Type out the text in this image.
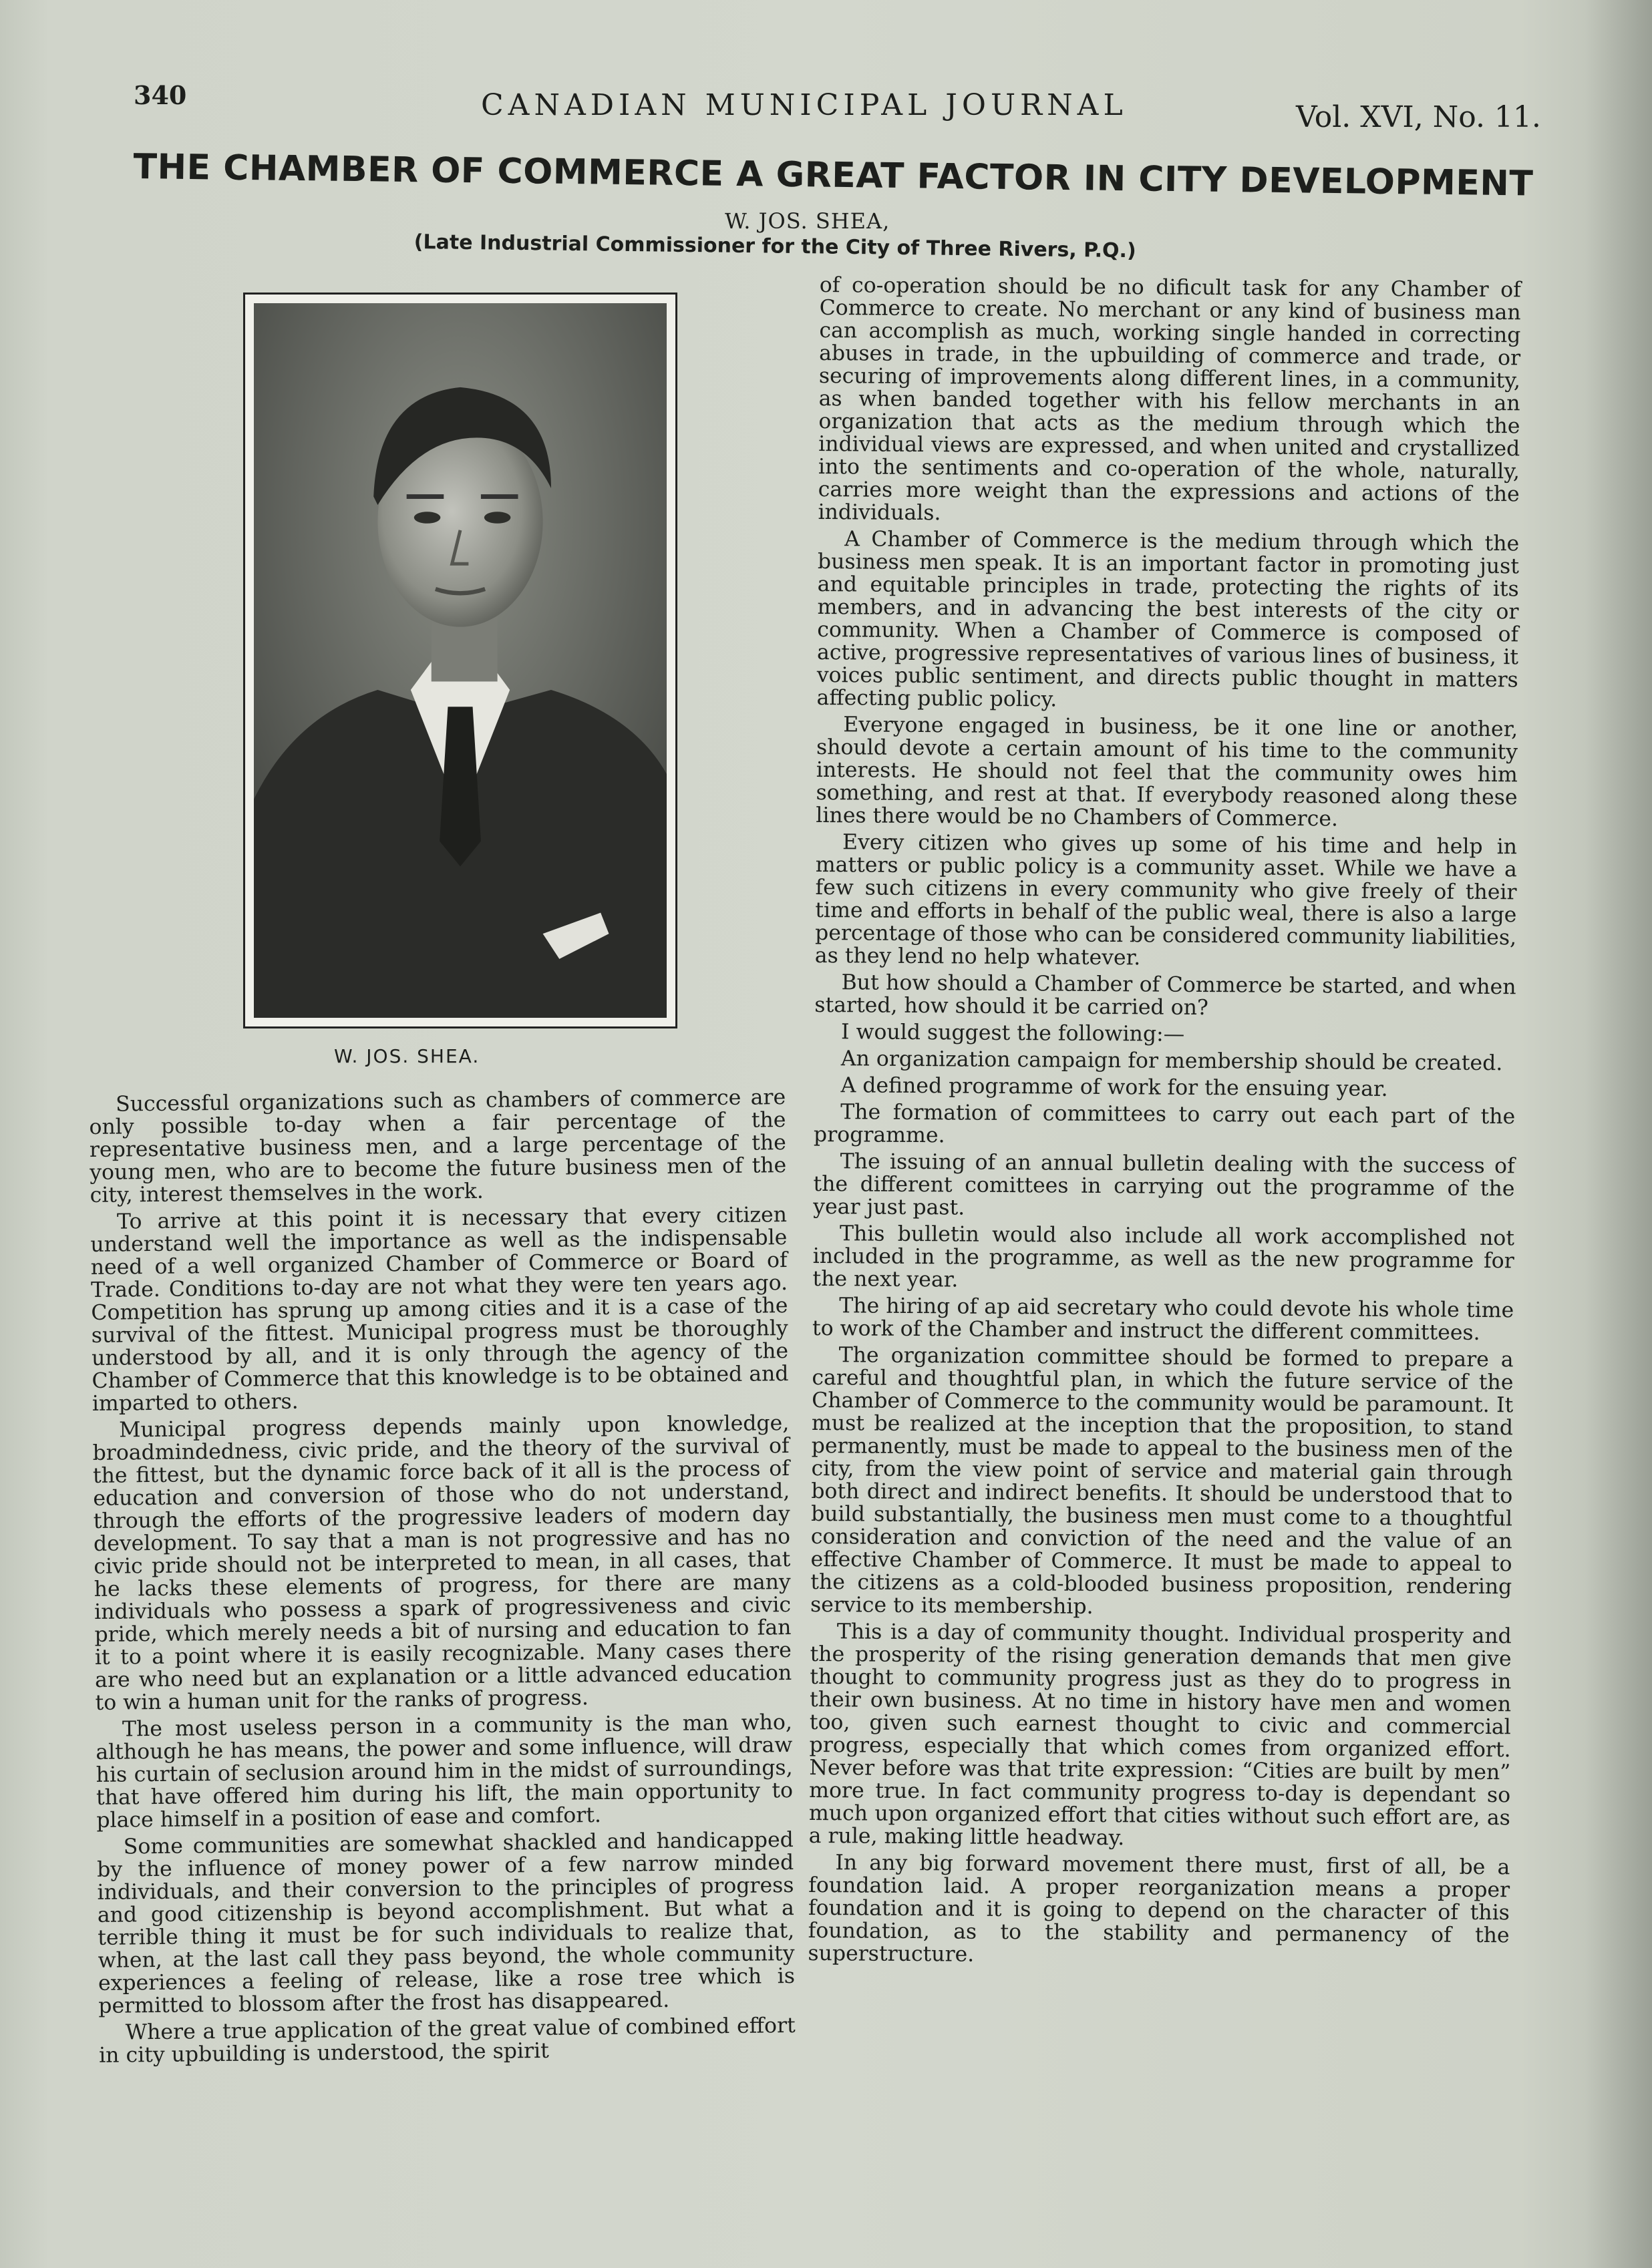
340	CANADIAN MUNICIPAL JOURNAL	Vol. XVI, No. 11.
THE CHAMBER OF COMMERCE A GREAT FACTOR IN CITY DEVELOPMENT
W. JOS. SHEA,
(Late Industrial Commissioner for the City of Three Rivers, P.Q.)
W. JOS. SHEA.

Successful organizations such as chambers of commerce are only possible to-day when a fair percentage of the representative business men, and a large percentage of the young men, who are to become the future business men of the city, interest themselves in the work.

To arrive at this point it is necessary that every citizen understand well the importance as well as the indispensable need of a well organized Chamber of Commerce or Board of Trade. Conditions to-day are not what they were ten years ago. Competition has sprung up among cities and it is a case of the survival of the fittest. Municipal progress must be thoroughly understood by all, and it is only through the agency of the Chamber of Commerce that this knowledge is to be obtained and imparted to others.

Municipal progress depends mainly upon knowledge, broadmindedness, civic pride, and the theory of the survival of the fittest, but the dynamic force back of it all is the process of education and conversion of those who do not understand, through the efforts of the progressive leaders of modern day development. To say that a man is not progressive and has no civic pride should not be interpreted to mean, in all cases, that he lacks these elements of progress, for there are many individuals who possess a spark of progressiveness and civic pride, which merely needs a bit of nursing and education to fan it to a point where it is easily recognizable. Many cases there are who need but an explanation or a little advanced education to win a human unit for the ranks of progress.

The most useless person in a community is the man who, although he has means, the power and some influence, will draw his curtain of seclusion around him in the midst of surroundings, that have offered him during his lift, the main opportunity to place himself in a position of ease and comfort.

Some communities are somewhat shackled and handicapped by the influence of money power of a few narrow minded individuals, and their conversion to the principles of progress and good citizenship is beyond accomplishment. But what a terrible thing it must be for such individuals to realize that, when, at the last call they pass beyond, the whole community experiences a feeling of release, like a rose tree which is permitted to blossom after the frost has disappeared.

Where a true application of the great value of combined effort in city upbuilding is understood, the spirit

of co-operation should be no dificult task for any Chamber of Commerce to create. No merchant or any kind of business man can accomplish as much, working single handed in correcting abuses in trade, in the upbuilding of commerce and trade, or securing of improvements along different lines, in a community, as when banded together with his fellow merchants in an organization that acts as the medium through which the individual views are expressed, and when united and crystallized into the sentiments and co-operation of the whole, naturally, carries more weight than the expressions and actions of the individuals.

A Chamber of Commerce is the medium through which the business men speak. It is an important factor in promoting just and equitable principles in trade, protecting the rights of its members, and in advancing the best interests of the city or community. When a Chamber of Commerce is composed of active, progressive representatives of various lines of business, it voices public sentiment, and directs public thought in matters affecting public policy.

Everyone engaged in business, be it one line or another, should devote a certain amount of his time to the community interests. He should not feel that the community owes him something, and rest at that. If everybody reasoned along these lines there would be no Chambers of Commerce.

Every citizen who gives up some of his time and help in matters or public policy is a community asset. While we have a few such citizens in every community who give freely of their time and efforts in behalf of the public weal, there is also a large percentage of those who can be considered community liabilities, as they lend no help whatever.

But how should a Chamber of Commerce be started, and when started, how should it be carried on?

I would suggest the following:—

An organization campaign for membership should be created.

A defined programme of work for the ensuing year.

The formation of committees to carry out each part of the programme.

The issuing of an annual bulletin dealing with the success of the different comittees in carrying out the programme of the year just past.

This bulletin would also include all work accomplished not included in the programme, as well as the new programme for the next year.

The hiring of ap aid secretary who could devote his whole time to work of the Chamber and instruct the different committees.

The organization committee should be formed to prepare a careful and thoughtful plan, in which the future service of the Chamber of Commerce to the community would be paramount. It must be realized at the inception that the proposition, to stand permanently, must be made to appeal to the business men of the city, from the view point of service and material gain through both direct and indirect benefits. It should be understood that to build substantially, the business men must come to a thoughtful consideration and conviction of the need and the value of an effective Chamber of Commerce. It must be made to appeal to the citizens as a cold-blooded business proposition, rendering service to its membership.

This is a day of community thought. Individual prosperity and the prosperity of the rising generation demands that men give thought to community progress just as they do to progress in their own business. At no time in history have men and women too, given such earnest thought to civic and commercial progress, especially that which comes from organized effort. Never before was that trite expression: “Cities are built by men” more true. In fact community progress to-day is dependant so much upon organized effort that cities without such effort are, as a rule, making little headway.

In any big forward movement there must, first of all, be a foundation laid. A proper reorganization means a proper foundation and it is going to depend on the character of this foundation, as to the stability and permanency of the superstructure.
